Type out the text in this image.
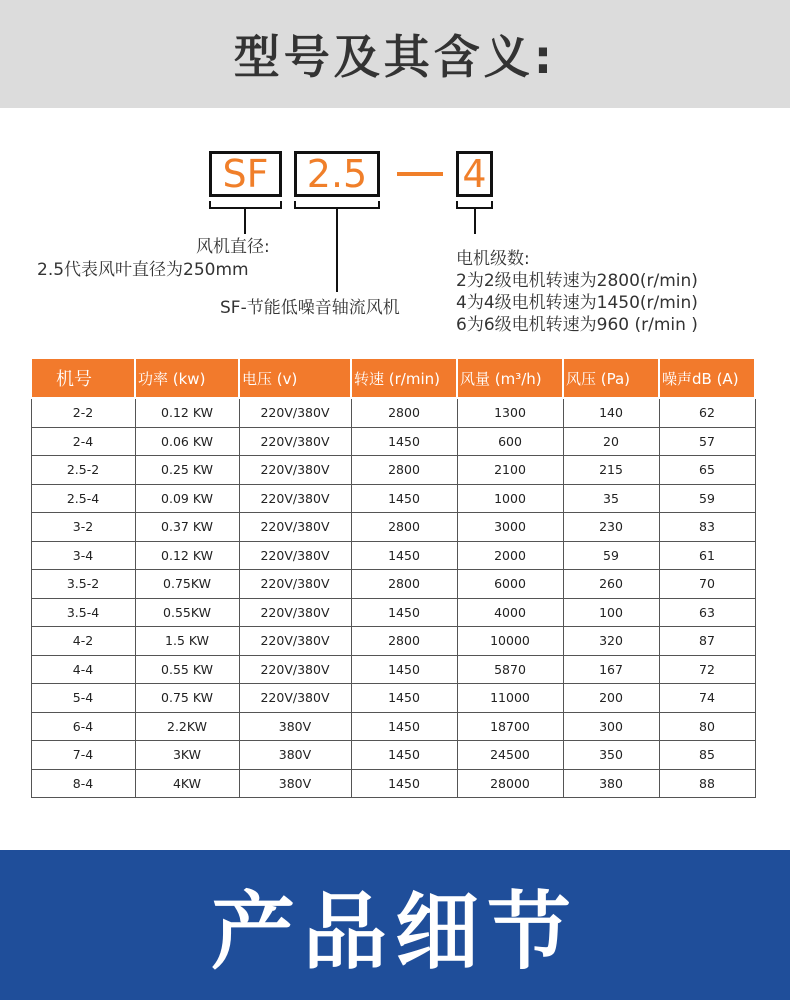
型号及其含义:
SF	2.5	4
风机直径:
2.5代表风叶直径为250mm
SF-节能低噪音轴流风机
电机级数:
2为2级电机转速为2800(r/min)
4为4级电机转速为1450(r/min)
6为6级电机转速为960 (r/min )
机号	功率 (kw)	电压 (v)	转速 (r/min)	风量 (m³/h)	风压 (Pa)	噪声dB (A)
2-2	0.12 KW	220V/380V	2800	1300	140	62
2-4	0.06 KW	220V/380V	1450	600	20	57
2.5-2	0.25 KW	220V/380V	2800	2100	215	65
2.5-4	0.09 KW	220V/380V	1450	1000	35	59
3-2	0.37 KW	220V/380V	2800	3000	230	83
3-4	0.12 KW	220V/380V	1450	2000	59	61
3.5-2	0.75KW	220V/380V	2800	6000	260	70
3.5-4	0.55KW	220V/380V	1450	4000	100	63
4-2	1.5 KW	220V/380V	2800	10000	320	87
4-4	0.55 KW	220V/380V	1450	5870	167	72
5-4	0.75 KW	220V/380V	1450	11000	200	74
6-4	2.2KW	380V	1450	18700	300	80
7-4	3KW	380V	1450	24500	350	85
8-4	4KW	380V	1450	28000	380	88
产品细节
